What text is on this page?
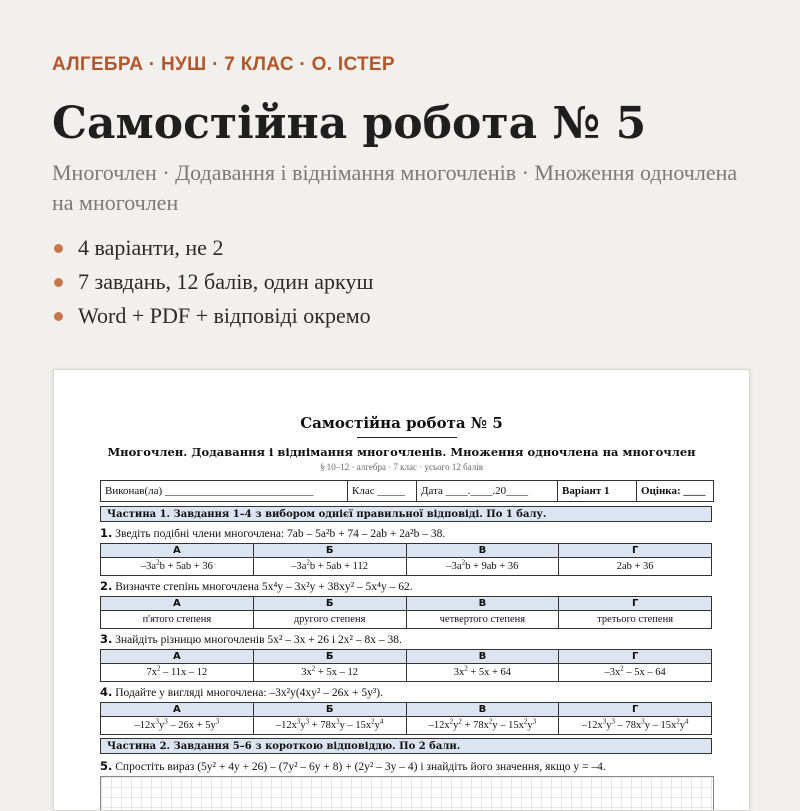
АЛГЕБРА · НУШ · 7 КЛАС · О. ІСТЕР
Самостійна робота № 5
Многочлен · Додавання і віднімання многочленів · Множення одночлена на многочлен
4 варіанти, не 2
7 завдань, 12 балів, один аркуш
Word + PDF + відповіді окремо
Самостійна робота № 5
Многочлен. Додавання і віднімання многочленів. Множення одночлена на многочлен
§ 10–12 · алгебра · 7 клас · усього 12 балів
Виконав(ла) ___________________________	Клас _____	Дата ____.____.20____	Варіант 1	Оцінка: ____
Частина 1. Завдання 1–4 з вибором однієї правильної відповіді. По 1 балу.
1. Зведіть подібні члени многочлена: 7ab – 5a²b + 74 – 2ab + 2a²b – 38.
А	Б	В	Г
$-3a^2b + 5ab + 36$	$-3a^2b + 5ab + 112$	$-3a^2b + 9ab + 36$	2ab + 36
2. Визначте степінь многочлена 5x⁴y – 3x²y + 38xy² – 5x⁴y – 62.
А	Б	В	Г
п'ятого степеня	другого степеня	четвертого степеня	третього степеня
3. Знайдіть різницю многочленів 5x² – 3x + 26 і 2x² – 8x – 38.
А	Б	В	Г
$7x^2 - 11x - 12$	$3x^2 + 5x - 12$	$3x^2 + 5x + 64$	$-3x^2 - 5x - 64$
4. Подайте у вигляді многочлена: –3x²y(4xy² – 26x + 5y³).
А	Б	В	Г
$-12x^3y^3 - 26x + 5y^3$	$-12x^3y^3 + 78x^3y - 15x^2y^4$	$-12x^2y^2 + 78x^2y - 15x^2y^3$	$-12x^3y^3 - 78x^3y - 15x^2y^4$
Частина 2. Завдання 5–6 з короткою відповіддю. По 2 бали.
5. Спростіть вираз (5y² + 4y + 26) – (7y² – 6y + 8) + (2y² – 3y – 4) і знайдіть його значення, якщо y = –4.
